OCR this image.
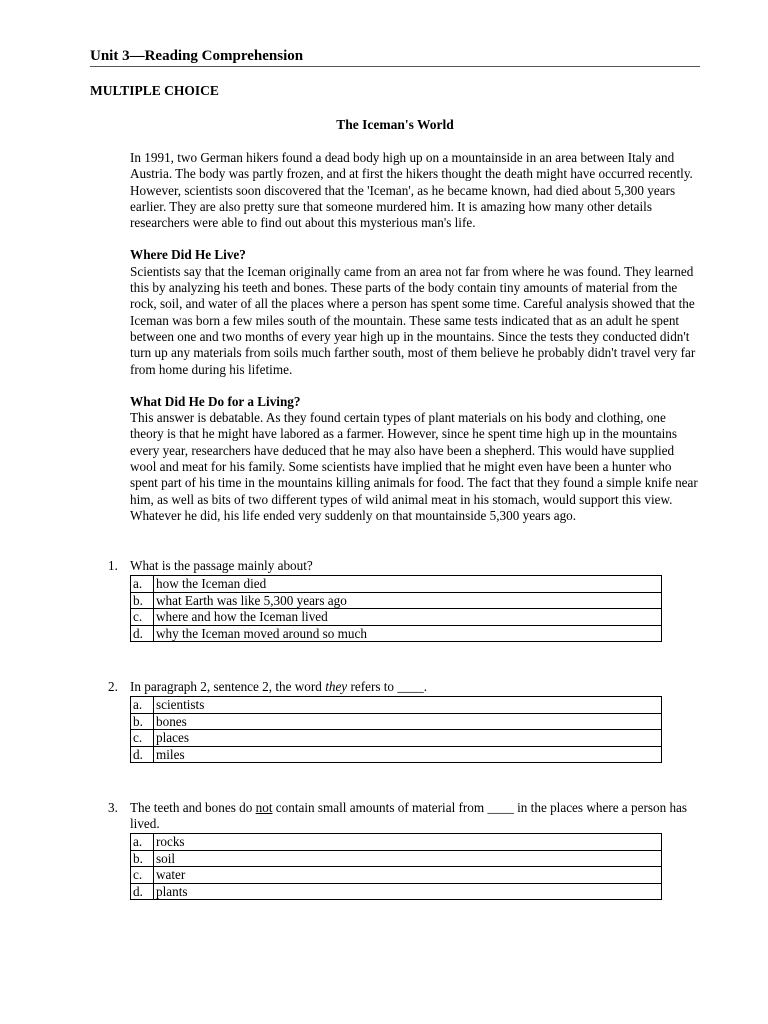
Unit 3—Reading Comprehension
MULTIPLE CHOICE
The Iceman's World

In 1991, two German hikers found a dead body high up on a mountainside in an area between Italy and Austria. The body was partly frozen, and at first the hikers thought the death might have occurred recently. However, scientists soon discovered that the 'Iceman', as he became known, had died about 5,300 years earlier. They are also pretty sure that someone murdered him. It is amazing how many other details researchers were able to find out about this mysterious man's life.

Where Did He Live?

Scientists say that the Iceman originally came from an area not far from where he was found. They learned this by analyzing his teeth and bones. These parts of the body contain tiny amounts of material from the rock, soil, and water of all the places where a person has spent some time. Careful analysis showed that the Iceman was born a few miles south of the mountain. These same tests indicated that as an adult he spent between one and two months of every year high up in the mountains. Since the tests they conducted didn't turn up any materials from soils much farther south, most of them believe he probably didn't travel very far from home during his lifetime.

What Did He Do for a Living?

This answer is debatable. As they found certain types of plant materials on his body and clothing, one theory is that he might have labored as a farmer. However, since he spent time high up in the mountains every year, researchers have deduced that he may also have been a shepherd. This would have supplied wool and meat for his family. Some scientists have implied that he might even have been a hunter who spent part of his time in the mountains killing animals for food. The fact that they found a simple knife near him, as well as bits of two different types of wild animal meat in his stomach, would support this view. Whatever he did, his life ended very suddenly on that mountainside 5,300 years ago.

1. What is the passage mainly about?
a.	how the Iceman died
b.	what Earth was like 5,300 years ago
c.	where and how the Iceman lived
d.	why the Iceman moved around so much
2. In paragraph 2, sentence 2, the word they refers to ____.
a.	scientists
b.	bones
c.	places
d.	miles
3. The teeth and bones do not contain small amounts of material from ____ in the places where a person has lived.
a.	rocks
b.	soil
c.	water
d.	plants
